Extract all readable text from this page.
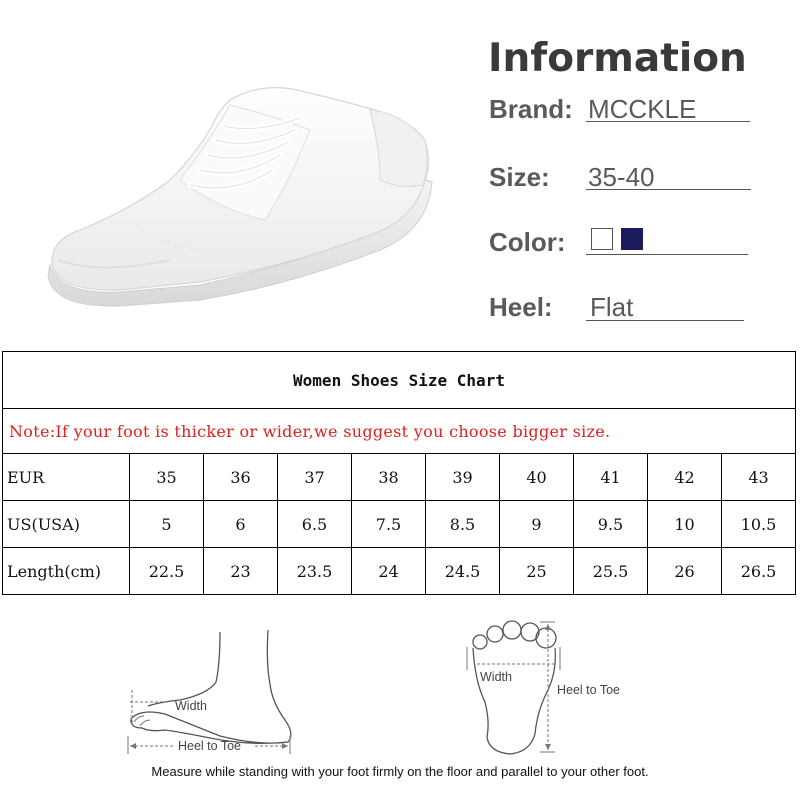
Information
Brand: MCCKLE
Size: 35-40
Color:
Heel: Flat
Women Shoes Size Chart									
Note:If your foot is thicker or wider,we suggest you choose bigger size.									
EUR	35	36	37	38	39	40	41	42	43
US(USA)	5	6	6.5	7.5	8.5	9	9.5	10	10.5
Length(cm)	22.5	23	23.5	24	24.5	25	25.5	26	26.5
Width
Heel to Toe
Width
Heel to Toe
Measure while standing with your foot firmly on the floor and parallel to your other foot.
